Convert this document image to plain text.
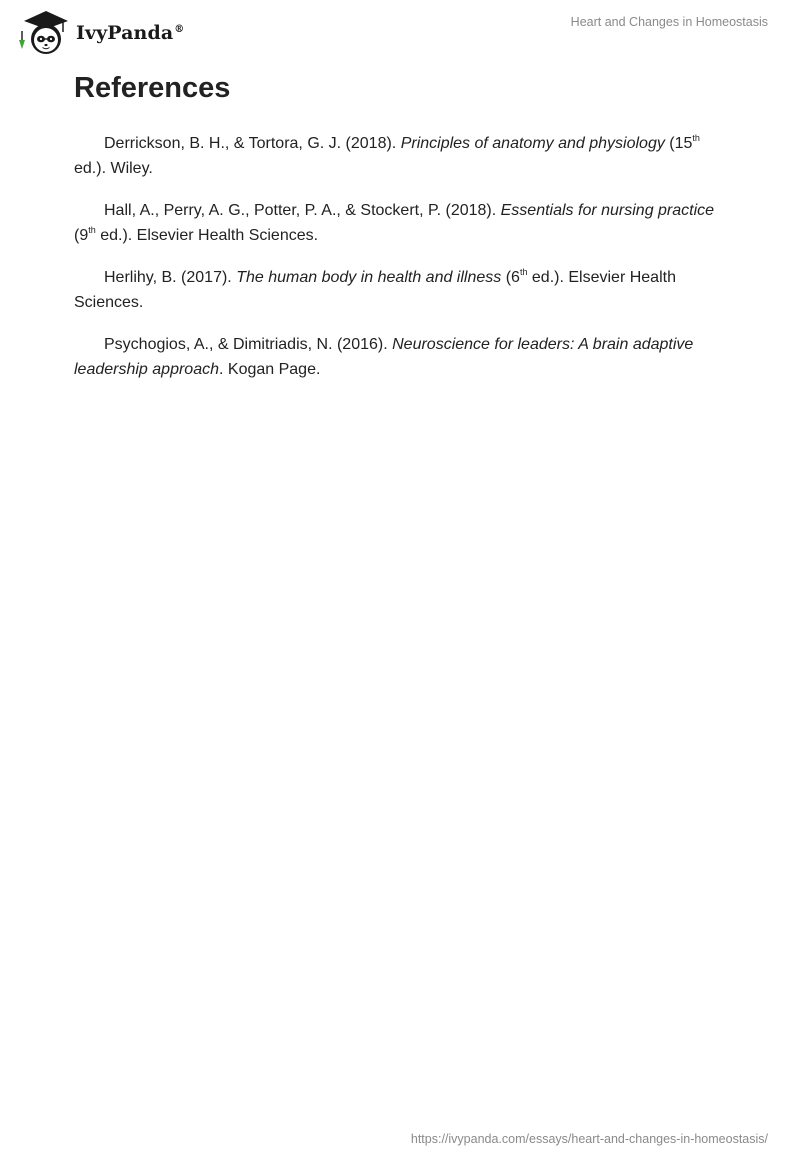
IvyPanda®
Heart and Changes in Homeostasis
References

Derrickson, B. H., & Tortora, G. J. (2018). Principles of anatomy and physiology (15th ed.). Wiley.

Hall, A., Perry, A. G., Potter, P. A., & Stockert, P. (2018). Essentials for nursing practice (9th ed.). Elsevier Health Sciences.

Herlihy, B. (2017). The human body in health and illness (6th ed.). Elsevier Health Sciences.

Psychogios, A., & Dimitriadis, N. (2016). Neuroscience for leaders: A brain adaptive leadership approach. Kogan Page.

https://ivypanda.com/essays/heart-and-changes-in-homeostasis/
